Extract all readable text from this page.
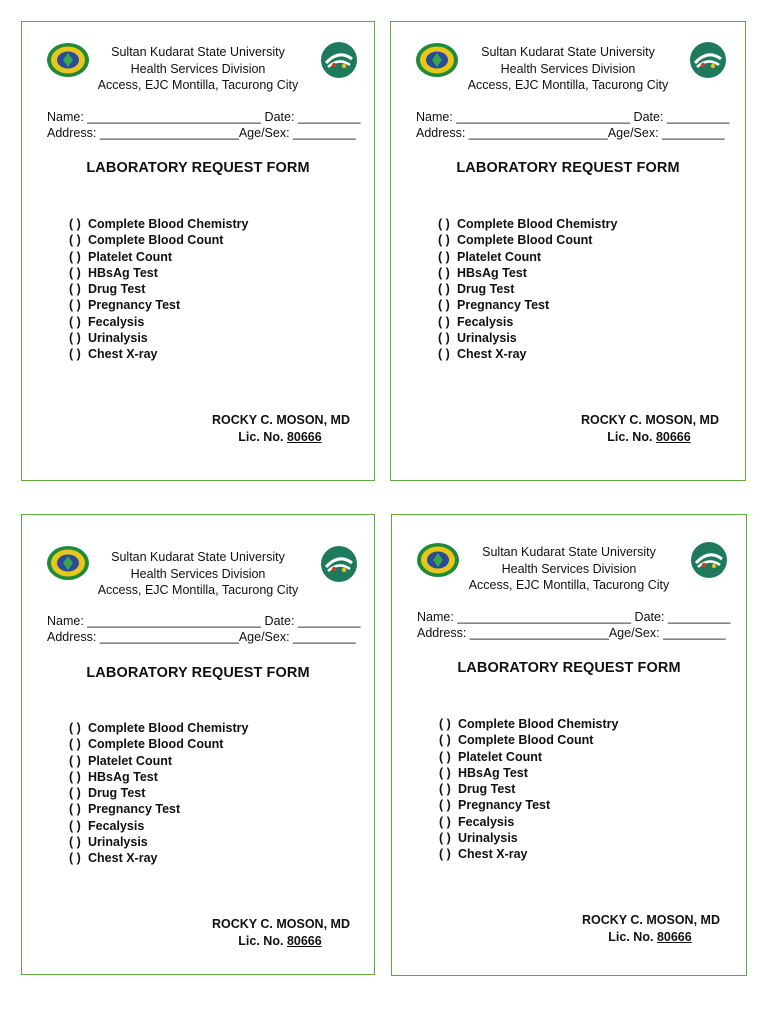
Sultan Kudarat State University
Health Services Division
Access, EJC Montilla, Tacurong City
Name: _________________________ Date: _________
Address: ____________________Age/Sex: _________
LABORATORY REQUEST FORM
( ) Complete Blood Chemistry
( ) Complete Blood Count
( ) Platelet Count
( ) HBsAg Test
( ) Drug Test
( ) Pregnancy Test
( ) Fecalysis
( ) Urinalysis
( ) Chest X-ray
ROCKY C. MOSON, MD
Lic. No. 80666
Sultan Kudarat State University
Health Services Division
Access, EJC Montilla, Tacurong City
Name: _________________________ Date: _________
Address: ____________________Age/Sex: _________
LABORATORY REQUEST FORM
( ) Complete Blood Chemistry
( ) Complete Blood Count
( ) Platelet Count
( ) HBsAg Test
( ) Drug Test
( ) Pregnancy Test
( ) Fecalysis
( ) Urinalysis
( ) Chest X-ray
ROCKY C. MOSON, MD
Lic. No. 80666
Sultan Kudarat State University
Health Services Division
Access, EJC Montilla, Tacurong City
Name: _________________________ Date: _________
Address: ____________________Age/Sex: _________
LABORATORY REQUEST FORM
( ) Complete Blood Chemistry
( ) Complete Blood Count
( ) Platelet Count
( ) HBsAg Test
( ) Drug Test
( ) Pregnancy Test
( ) Fecalysis
( ) Urinalysis
( ) Chest X-ray
ROCKY C. MOSON, MD
Lic. No. 80666
Sultan Kudarat State University
Health Services Division
Access, EJC Montilla, Tacurong City
Name: _________________________ Date: _________
Address: ____________________Age/Sex: _________
LABORATORY REQUEST FORM
( ) Complete Blood Chemistry
( ) Complete Blood Count
( ) Platelet Count
( ) HBsAg Test
( ) Drug Test
( ) Pregnancy Test
( ) Fecalysis
( ) Urinalysis
( ) Chest X-ray
ROCKY C. MOSON, MD
Lic. No. 80666
